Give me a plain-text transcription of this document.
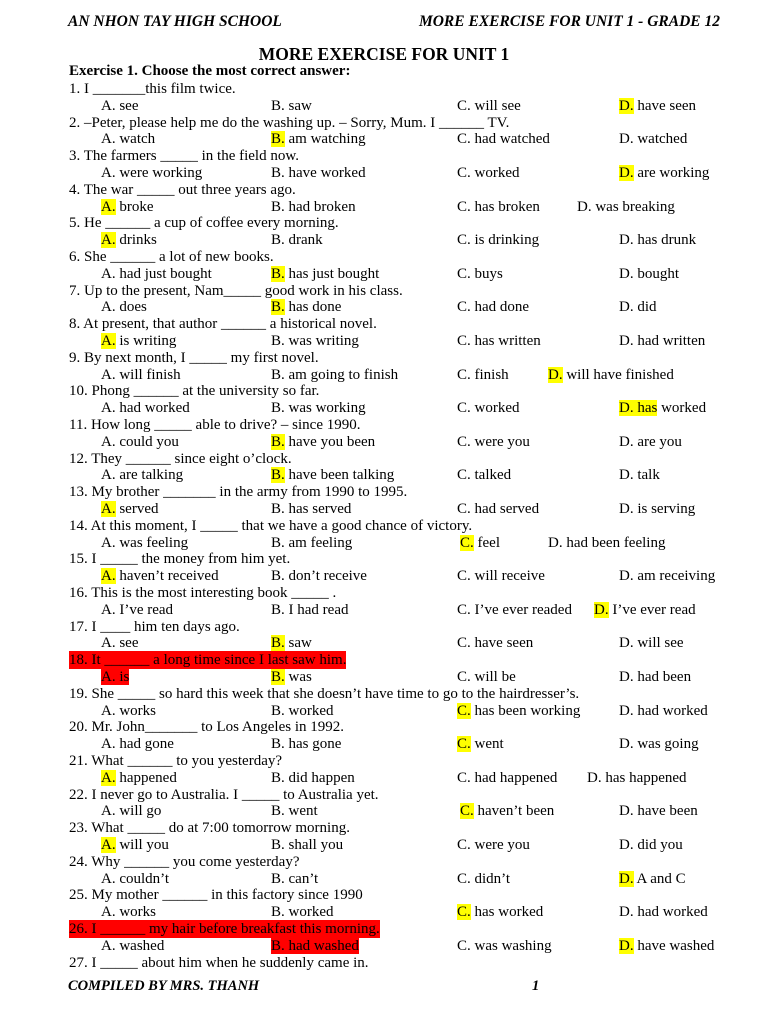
AN NHON TAY HIGH SCHOOL	MORE EXERCISE FOR UNIT 1 - GRADE 12
MORE EXERCISE FOR UNIT 1
Exercise 1. Choose the most correct answer:
1. I _______this film twice.
A. see	B. saw	C. will see	D. have seen
2. –Peter, please help me do the washing up. – Sorry, Mum. I ______ TV.
A. watch	B. am watching	C. had watched	D. watched
3. The farmers _____ in the field now.
A. were working	B. have worked	C. worked	D. are working
4. The war _____ out three years ago.
A. broke	B. had broken	C. has broken D. was breaking
5. He ______ a cup of coffee every morning.
A. drinks	B. drank	C. is drinking	D. has drunk
6. She ______ a lot of new books.
A. had just bought	B. has just bought	C. buys	D. bought
7. Up to the present, Nam_____ good work in his class.
A. does	B. has done	C. had done	D. did
8. At present, that author ______ a historical novel.
A. is writing	B. was writing	C. has written	D. had written
9. By next month, I _____ my first novel.
A. will finish	B. am going to finish	C. finish	D. will have finished
10. Phong ______ at the university so far.
A. had worked	B. was working	C. worked	D. has worked
11. How long _____ able to drive? – since 1990.
A. could you	B. have you been	C. were you	D. are you
12. They ______ since eight o’clock.
A. are talking	B. have been talking	C. talked	D. talk
13. My brother _______ in the army from 1990 to 1995.
A. served	B. has served	C. had served	D. is serving
14. At this moment, I _____ that we have a good chance of victory.
A. was feeling	B. am feeling	C. feel	D. had been feeling
15. I _____ the money from him yet.
A. haven’t received	B. don’t receive	C. will receive	D. am receiving
16. This is the most interesting book _____ .
A. I’ve read	B. I had read	C. I’ve ever readed D. I’ve ever read
17. I ____ him ten days ago.
A. see	B. saw	C. have seen	D. will see
18. It ______ a long time since I last saw him.
A. is	B. was	C. will be	D. had been
19. She _____ so hard this week that she doesn’t have time to go to the hairdresser’s.
A. works	B. worked	C. has been working	D. had worked
20. Mr. John_______ to Los Angeles in 1992.
A. had gone	B. has gone	C. went	D. was going
21. What ______ to you yesterday?
A. happened	B. did happen	C. had happened D. has happened
22. I never go to Australia. I _____ to Australia yet.
A. will go	B. went	C. haven’t been	D. have been
23. What _____ do at 7:00 tomorrow morning.
A. will you	B. shall you	C. were you	D. did you
24. Why ______ you come yesterday?
A. couldn’t	B. can’t	C. didn’t	D. A and C
25. My mother ______ in this factory since 1990
A. works	B. worked	C. has worked	D. had worked
26. I ______ my hair before breakfast this morning.
A. washed	B. had washed	C. was washing	D. have washed
27. I _____ about him when he suddenly came in.
COMPILED BY MRS. THANH	1
